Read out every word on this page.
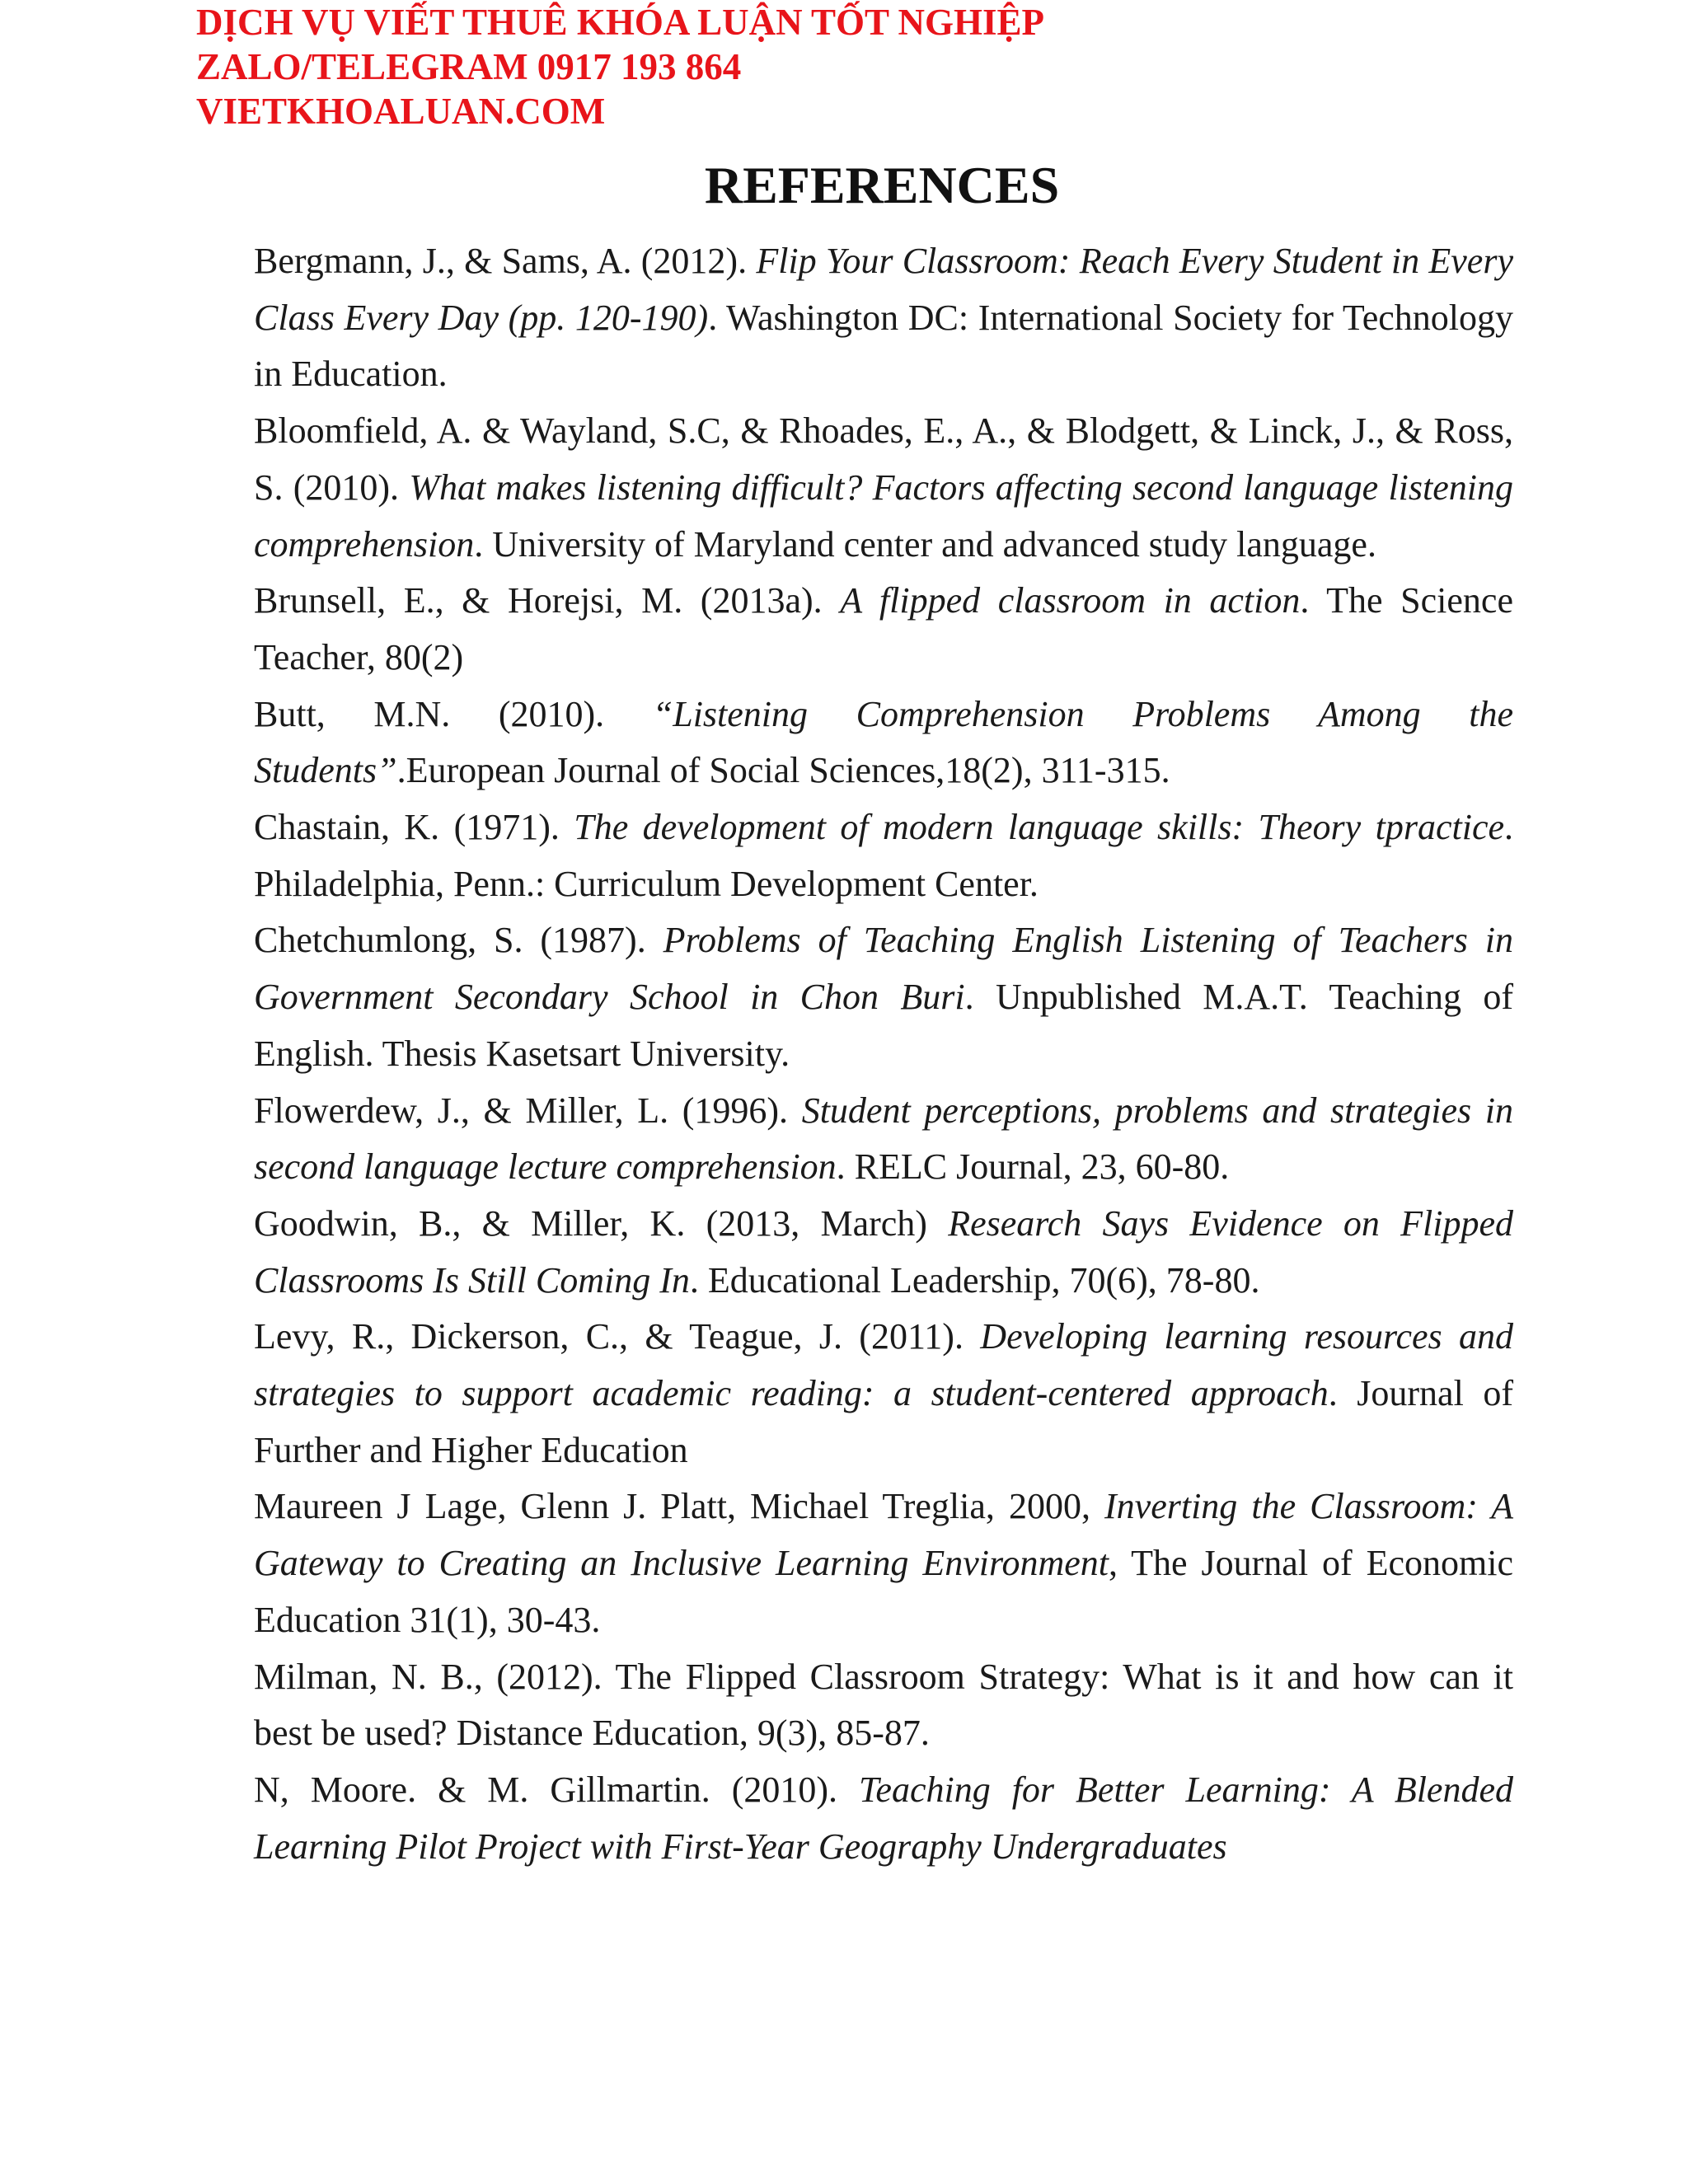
DỊCH VỤ VIẾT THUÊ KHÓA LUẬN TỐT NGHIỆP
ZALO/TELEGRAM 0917 193 864
VIETKHOALUAN.COM
REFERENCES

Bergmann, J., & Sams, A. (2012). Flip Your Classroom: Reach Every Student in Every Class Every Day (pp. 120-190). Washington DC: International Society for Technology in Education.

Bloomfield, A. & Wayland, S.C, & Rhoades, E., A., & Blodgett, & Linck, J., & Ross, S. (2010). What makes listening difficult? Factors affecting second language listening comprehension. University of Maryland center and advanced study language.

Brunsell, E., & Horejsi, M. (2013a). A flipped classroom in action. The Science Teacher, 80(2)

Butt, M.N. (2010). “Listening Comprehension Problems Among the Students”.European Journal of Social Sciences,18(2), 311-315.

Chastain, K. (1971). The development of modern language skills: Theory tpractice. Philadelphia, Penn.: Curriculum Development Center.

Chetchumlong, S. (1987). Problems of Teaching English Listening of Teachers in Government Secondary School in Chon Buri. Unpublished M.A.T. Teaching of English. Thesis Kasetsart University.

Flowerdew, J., & Miller, L. (1996). Student perceptions, problems and strategies in second language lecture comprehension. RELC Journal, 23, 60-80.

Goodwin, B., & Miller, K. (2013, March) Research Says Evidence on Flipped Classrooms Is Still Coming In. Educational Leadership, 70(6), 78-80.

Levy, R., Dickerson, C., & Teague, J. (2011). Developing learning resources and strategies to support academic reading: a student-centered approach. Journal of Further and Higher Education

Maureen J Lage, Glenn J. Platt, Michael Treglia, 2000, Inverting the Classroom: A Gateway to Creating an Inclusive Learning Environment, The Journal of Economic Education 31(1), 30-43.

Milman, N. B., (2012). The Flipped Classroom Strategy: What is it and how can it best be used? Distance Education, 9(3), 85-87.

N, Moore. & M. Gillmartin. (2010). Teaching for Better Learning: A Blended Learning Pilot Project with First-Year Geography Undergraduates
